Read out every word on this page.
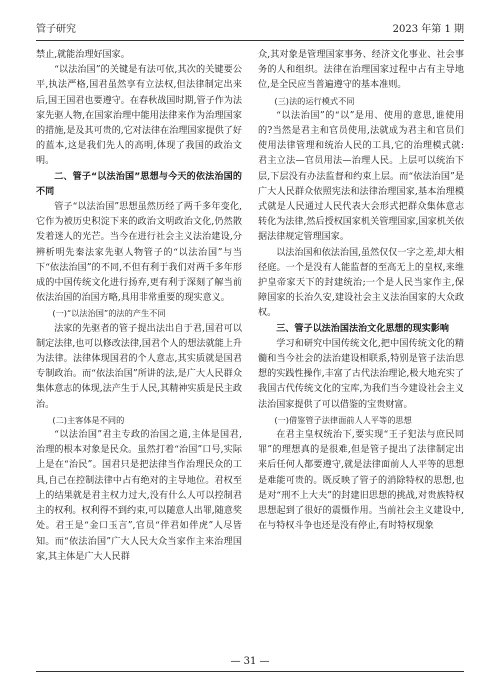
管子研究	2023 年第 1 期

禁止,就能治理好国家。

“以法治国”的关键是有法可依,其次的关键要公平,执法严格,国君虽然享有立法权,但法律制定出来后,国王国君也要遵守。在春秋战国时期,管子作为法家先驱人物,在国家治理中能用法律来作为治理国家的措施,是及其可贵的,它对法律在治理国家提供了好的蓝本,这是我们先人的高明,体现了我国的政治文明。

二、管子“以法治国”思想与今天的依法治国的不同

管子“以法治国”思想虽然历经了两千多年变化,它作为被历史积淀下来的政治文明政治文化,仍然散发着迷人的光芒。当今在进行社会主义法治建设,分辨析明先秦法家先驱人物管子的“以法治国”与当下“依法治国”的不同,不但有利于我们对两千多年形成的中国传统文化进行扬弃,更有利于深刻了解当前依法治国的治国方略,具用非常重要的现实意义。

(一)“以法治国”的法的产生不同

法家的先驱者的管子提出法出自于君,国君可以制定法律,也可以修改法律,国君个人的想法就能上升为法律。法律体现国君的个人意志,其实质就是国君专制政治。而“依法治国”所讲的法,是广大人民群众集体意志的体现,法产生于人民,其精神实质是民主政治。

(二)主客体是不同的

“以法治国”君主专政的治国之道,主体是国君,治理的根本对象是民众。虽然打着“治国”口号,实际上是在“治民”。国君只是把法律当作治理民众的工具,自己在控制法律中占有绝对的主导地位。君权至上的结果就是君主权力过大,没有什么人可以控制君主的权利。权利得不到约束,可以随意人出罪,随意奖处。君王是“金口玉言”,官员“伴君如伴虎”人尽皆知。而“依法治国”广大人民大众当家作主来治理国家,其主体是广大人民群

众,其对象是管理国家事务、经济文化事业、社会事务的人和组织。法律在治理国家过程中占有主导地位,是全民应当普遍遵守的基本准则。

(三)法的运行模式不同

“以法治国”的“以”是用、使用的意思,谁使用的?当然是君主和官员使用,法就成为君主和官员们使用法律管理和统治人民的工具,它的治理模式就:君主立法—官员用法—治理人民。上层可以统治下层,下层没有办法监督和约束上层。而“依法治国”是广大人民群众依照宪法和法律治理国家,基本治理模式就是人民通过人民代表大会形式把群众集体意志转化为法律,然后授权国家机关管理国家,国家机关依据法律规定管理国家。

以法治国和依法治国,虽然仅仅一字之差,却大相径庭。一个是没有人能监督的至高无上的皇权,来维护皇帝家天下的封建统治;一个是人民当家作主,保障国家的长治久安,建设社会主义法治国家的大众政权。

三、管子以法治国法治文化思想的现实影响

学习和研究中国传统文化,把中国传统文化的精髓和当今社会的法治建设相联系,特别是管子法治思想的实践性操作,丰富了古代法治理论,极大地充实了我国古代传统文化的宝库,为我们当今建设社会主义法治国家提供了可以借鉴的宝贵财富。

(一)借鉴管子法律面前人人平等的思想

在君主皇权统治下,要实现“王子犯法与庶民同罪”的理想真的是很难,但是管子提出了法律制定出来后任何人都要遵守,就是法律面前人人平等的思想是难能可贵的。既反映了管子的消除特权的思想,也是对“刑不上大夫”的封建旧思想的挑战,对贵族特权思想起到了很好的震慑作用。当前社会主义建设中,在与特权斗争也还是没有停止,有时特权现象

— 31 —
